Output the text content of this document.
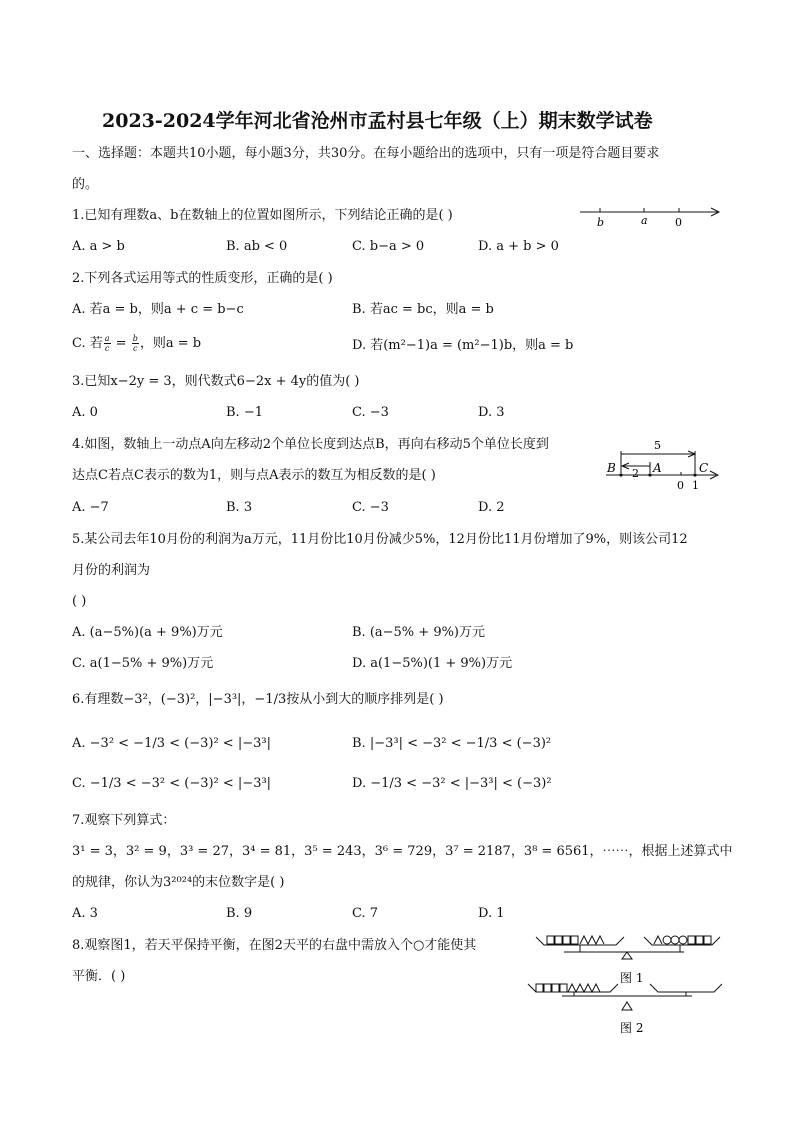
2023-2024学年河北省沧州市孟村县七年级（上）期末数学试卷
一、选择题：本题共10小题，每小题3分，共30分。在每小题给出的选项中，只有一项是符合题目要求
的。
1.已知有理数a、b在数轴上的位置如图所示，下列结论正确的是( )	b	a 0
A. a > b	B. ab < 0	C. b−a > 0	D. a + b > 0
2.下列各式运用等式的性质变形，正确的是( )
A. 若a = b，则a + c = b−c	B. 若ac = bc，则a = b
C. 若 $\frac{a}{c} = \frac{b}{c}$ ，则a = b	D. 若(m²−1)a = (m²−1)b，则a = b
3.已知x−2y = 3，则代数式6−2x + 4y的值为( )
A. 0	B. −1	C. −3	D. 3
4.如图，数轴上一动点A向左移动2个单位长度到达点B，再向右移动5个单位长度到
达点C若点C表示的数为1，则与点A表示的数互为相反数的是( )
5
2
B	A	C
0 1
A. −7	B. 3	C. −3	D. 2
5.某公司去年10月份的利润为a万元，11月份比10月份减少5%，12月份比11月份增加了9%，则该公司12
月份的利润为
( )
A. (a−5%)(a + 9%)万元	B. (a−5% + 9%)万元
C. a(1−5% + 9%)万元	D. a(1−5%)(1 + 9%)万元
6.有理数−3²，(−3)²，|−3³|，−1/3按从小到大的顺序排列是( )
A. −3² < −1/3 < (−3)² < |−3³|	B. |−3³| < −3² < −1/3 < (−3)²
C. −1/3 < −3² < (−3)² < |−3³|	D. −1/3 < −3² < |−3³| < (−3)²
7.观察下列算式：
3¹ = 3，3² = 9，3³ = 27，3⁴ = 81，3⁵ = 243，3⁶ = 729，3⁷ = 2187，3⁸ = 6561，⋯⋯，根据上述算式中
的规律，你认为3²⁰²⁴的末位数字是( )
A. 3	B. 9	C. 7	D. 1
8.观察图1，若天平保持平衡，在图2天平的右盘中需放入个○才能使其
平衡．( )	图 1
图 2
